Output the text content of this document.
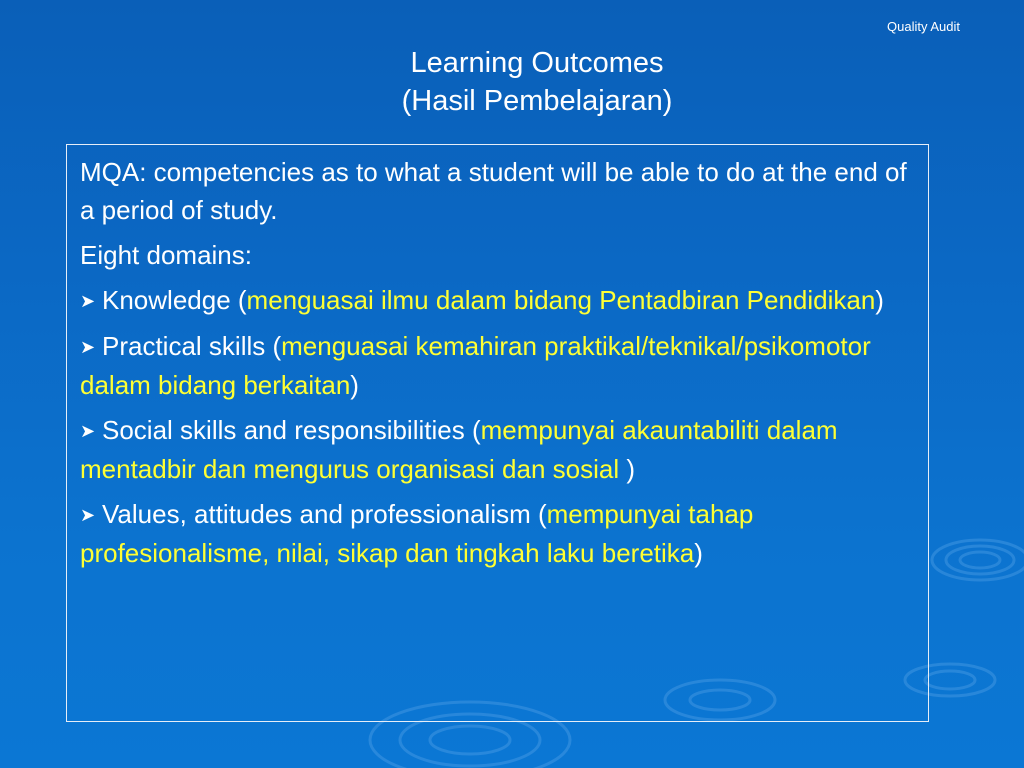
Quality Audit
Learning Outcomes
(Hasil Pembelajaran)
MQA: competencies as to what a student will be able to do at the end of a period of study.
Eight domains:
➤ Knowledge (menguasai ilmu dalam bidang Pentadbiran Pendidikan)
➤ Practical skills (menguasai kemahiran praktikal/teknikal/psikomotor dalam bidang berkaitan)
➤ Social skills and responsibilities (mempunyai akauntabiliti dalam mentadbir dan mengurus organisasi dan sosial )
➤ Values, attitudes and professionalism (mempunyai tahap profesionalisme, nilai, sikap dan tingkah laku beretika)
